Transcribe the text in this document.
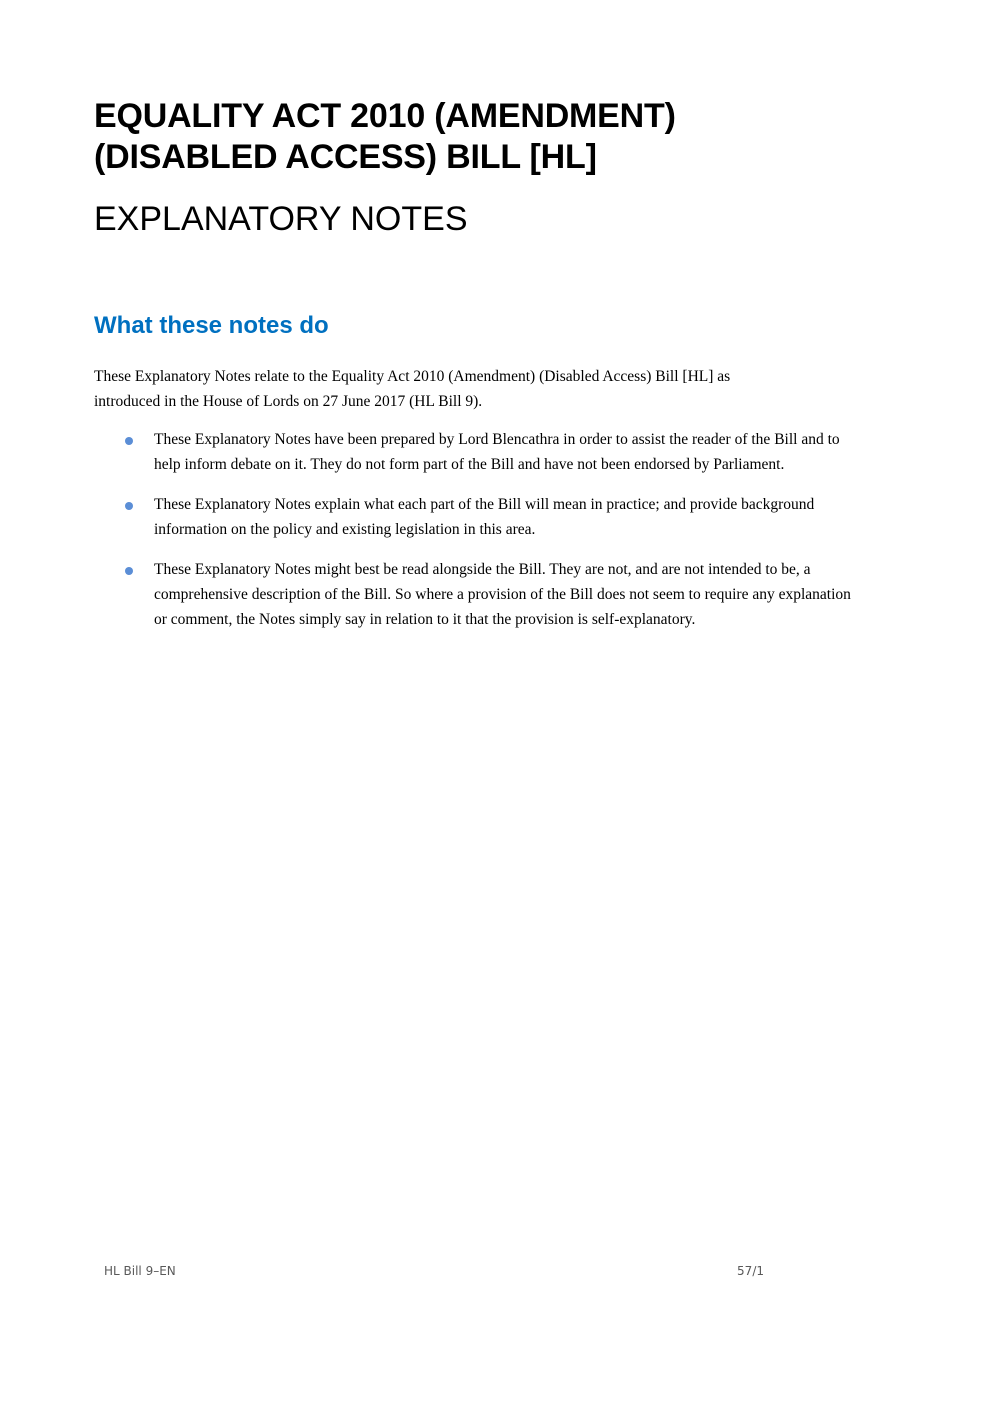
EQUALITY ACT 2010 (AMENDMENT)
(DISABLED ACCESS) BILL [HL]
EXPLANATORY NOTES
What these notes do

These Explanatory Notes relate to the Equality Act 2010 (Amendment) (Disabled Access) Bill [HL] as
introduced in the House of Lords on 27 June 2017 (HL Bill 9).

These Explanatory Notes have been prepared by Lord Blencathra in order to assist the reader of the Bill and to help inform debate on it. They do not form part of the Bill and have not been endorsed by Parliament.
These Explanatory Notes explain what each part of the Bill will mean in practice; and provide background information on the policy and existing legislation in this area.
These Explanatory Notes might best be read alongside the Bill. They are not, and are not intended to be, a comprehensive description of the Bill. So where a provision of the Bill does not seem to require any explanation or comment, the Notes simply say in relation to it that the provision is self-explanatory.
HL Bill 9–EN	57/1
